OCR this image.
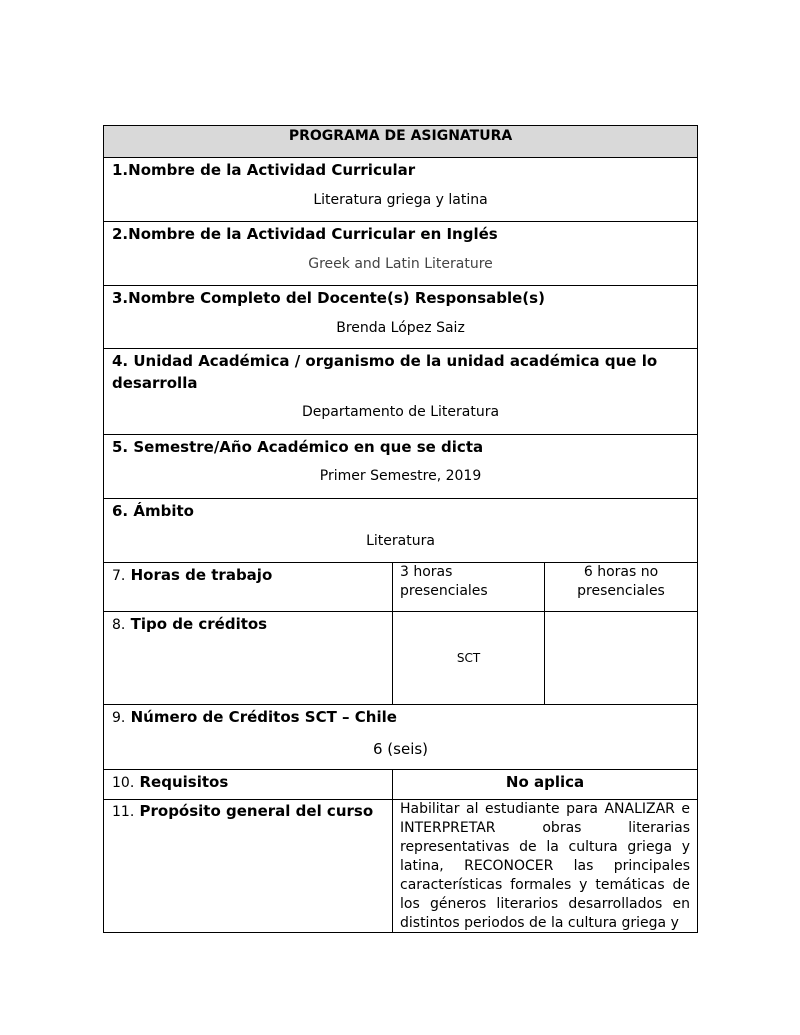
PROGRAMA DE ASIGNATURA		

1.Nombre de la Actividad Curricular
Literatura griega y latina		

2.Nombre de la Actividad Curricular en Inglés
Greek and Latin Literature		

3.Nombre Completo del Docente(s) Responsable(s)
Brenda López Saiz		

4. Unidad Académica / organismo de la unidad académica que lo desarrolla
Departamento de Literatura		

5. Semestre/Año Académico en que se dicta
Primer Semestre, 2019		

6. Ámbito
Literatura		

7. Horas de trabajo	3 horas presenciales	6 horas no presenciales

8. Tipo de créditos	SCT	

9. Número de Créditos SCT – Chile
6 (seis)		

10. Requisitos	No aplica	

11. Propósito general del curso	Habilitar al estudiante para ANALIZAR e INTERPRETAR obras literarias representativas de la cultura griega y latina, RECONOCER las principales características formales y temáticas de los géneros literarios desarrollados en distintos periodos de la cultura griega y	
